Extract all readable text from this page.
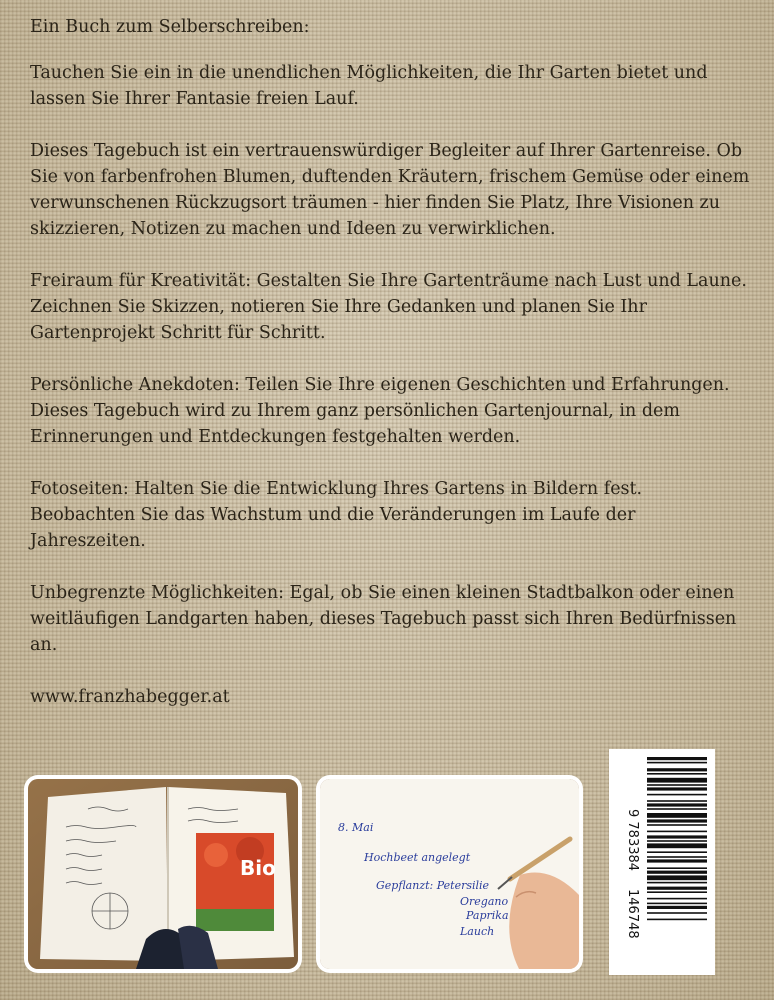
Ein Buch zum Selberschreiben:

Tauchen Sie ein in die unendlichen Möglichkeiten, die Ihr Garten bietet und lassen Sie Ihrer Fantasie freien Lauf.

Dieses Tagebuch ist ein vertrauenswürdiger Begleiter auf Ihrer Gartenreise. Ob Sie von farbenfrohen Blumen, duftenden Kräutern, frischem Gemüse oder einem verwunschenen Rückzugsort träumen - hier finden Sie Platz, Ihre Visionen zu skizzieren, Notizen zu machen und Ideen zu verwirklichen.

Freiraum für Kreativität: Gestalten Sie Ihre Gartenträume nach Lust und Laune. Zeichnen Sie Skizzen, notieren Sie Ihre Gedanken und planen Sie Ihr Gartenprojekt Schritt für Schritt.

Persönliche Anekdoten: Teilen Sie Ihre eigenen Geschichten und Erfahrungen. Dieses Tagebuch wird zu Ihrem ganz persönlichen Gartenjournal, in dem Erinnerungen und Entdeckungen festgehalten werden.

Fotoseiten: Halten Sie die Entwicklung Ihres Gartens in Bildern fest. Beobachten Sie das Wachstum und die Veränderungen im Laufe der Jahreszeiten.

Unbegrenzte Möglichkeiten: Egal, ob Sie einen kleinen Stadtbalkon oder einen weitläufigen Landgarten haben, dieses Tagebuch passt sich Ihren Bedürfnissen an.

www.franzhabegger.at

Bio
8. Mai
Hochbeet angelegt
Gepflanzt: Petersilie
Oregano
Paprika
Lauch
9 783384
146748
